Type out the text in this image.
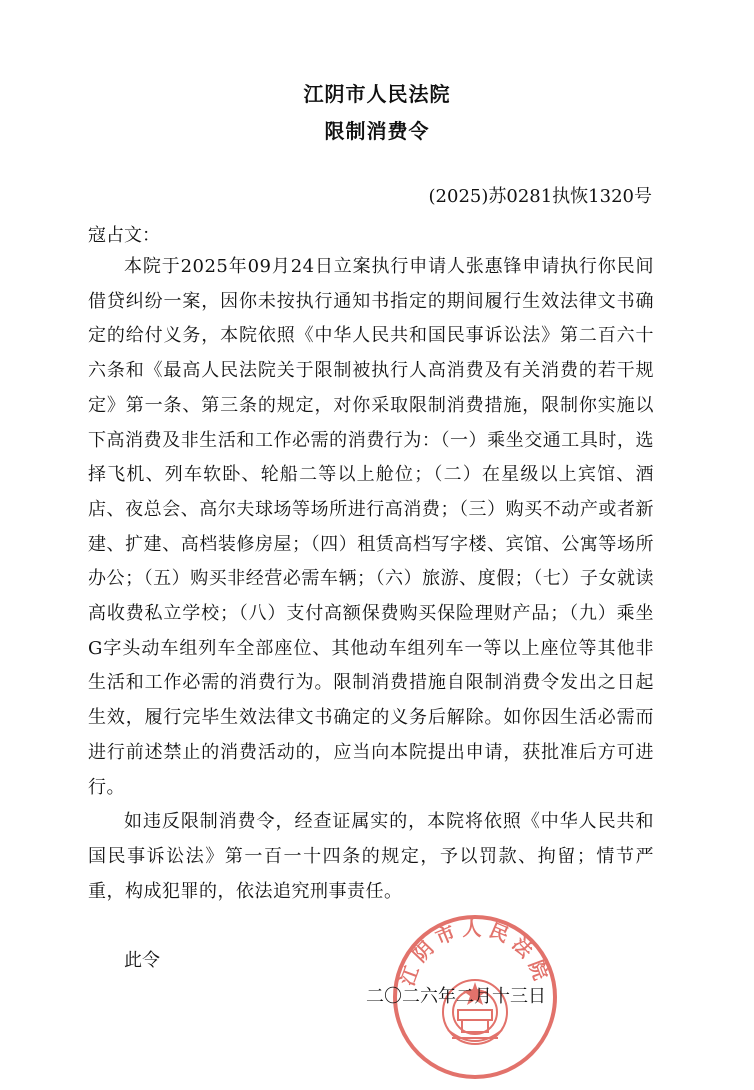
江阴市人民法院
限制消费令
(2025)苏0281执恢1320号
寇占文：

本院于2025年09月24日立案执行申请人张惠锋申请执行你民间借贷纠纷一案，因你未按执行通知书指定的期间履行生效法律文书确定的给付义务，本院依照《中华人民共和国民事诉讼法》第二百六十六条和《最高人民法院关于限制被执行人高消费及有关消费的若干规定》第一条、第三条的规定，对你采取限制消费措施，限制你实施以下高消费及非生活和工作必需的消费行为：（一）乘坐交通工具时，选择飞机、列车软卧、轮船二等以上舱位；（二）在星级以上宾馆、酒店、夜总会、高尔夫球场等场所进行高消费；（三）购买不动产或者新建、扩建、高档装修房屋；（四）租赁高档写字楼、宾馆、公寓等场所办公；（五）购买非经营必需车辆；（六）旅游、度假；（七）子女就读高收费私立学校；（八）支付高额保费购买保险理财产品；（九）乘坐G字头动车组列车全部座位、其他动车组列车一等以上座位等其他非生活和工作必需的消费行为。限制消费措施自限制消费令发出之日起生效，履行完毕生效法律文书确定的义务后解除。如你因生活必需而进行前述禁止的消费活动的，应当向本院提出申请，获批准后方可进行。

如违反限制消费令，经查证属实的，本院将依照《中华人民共和国民事诉讼法》第一百一十四条的规定，予以罚款、拘留；情节严重，构成犯罪的，依法追究刑事责任。

此令	江阴市人民法院
二〇二六年二月十三日
